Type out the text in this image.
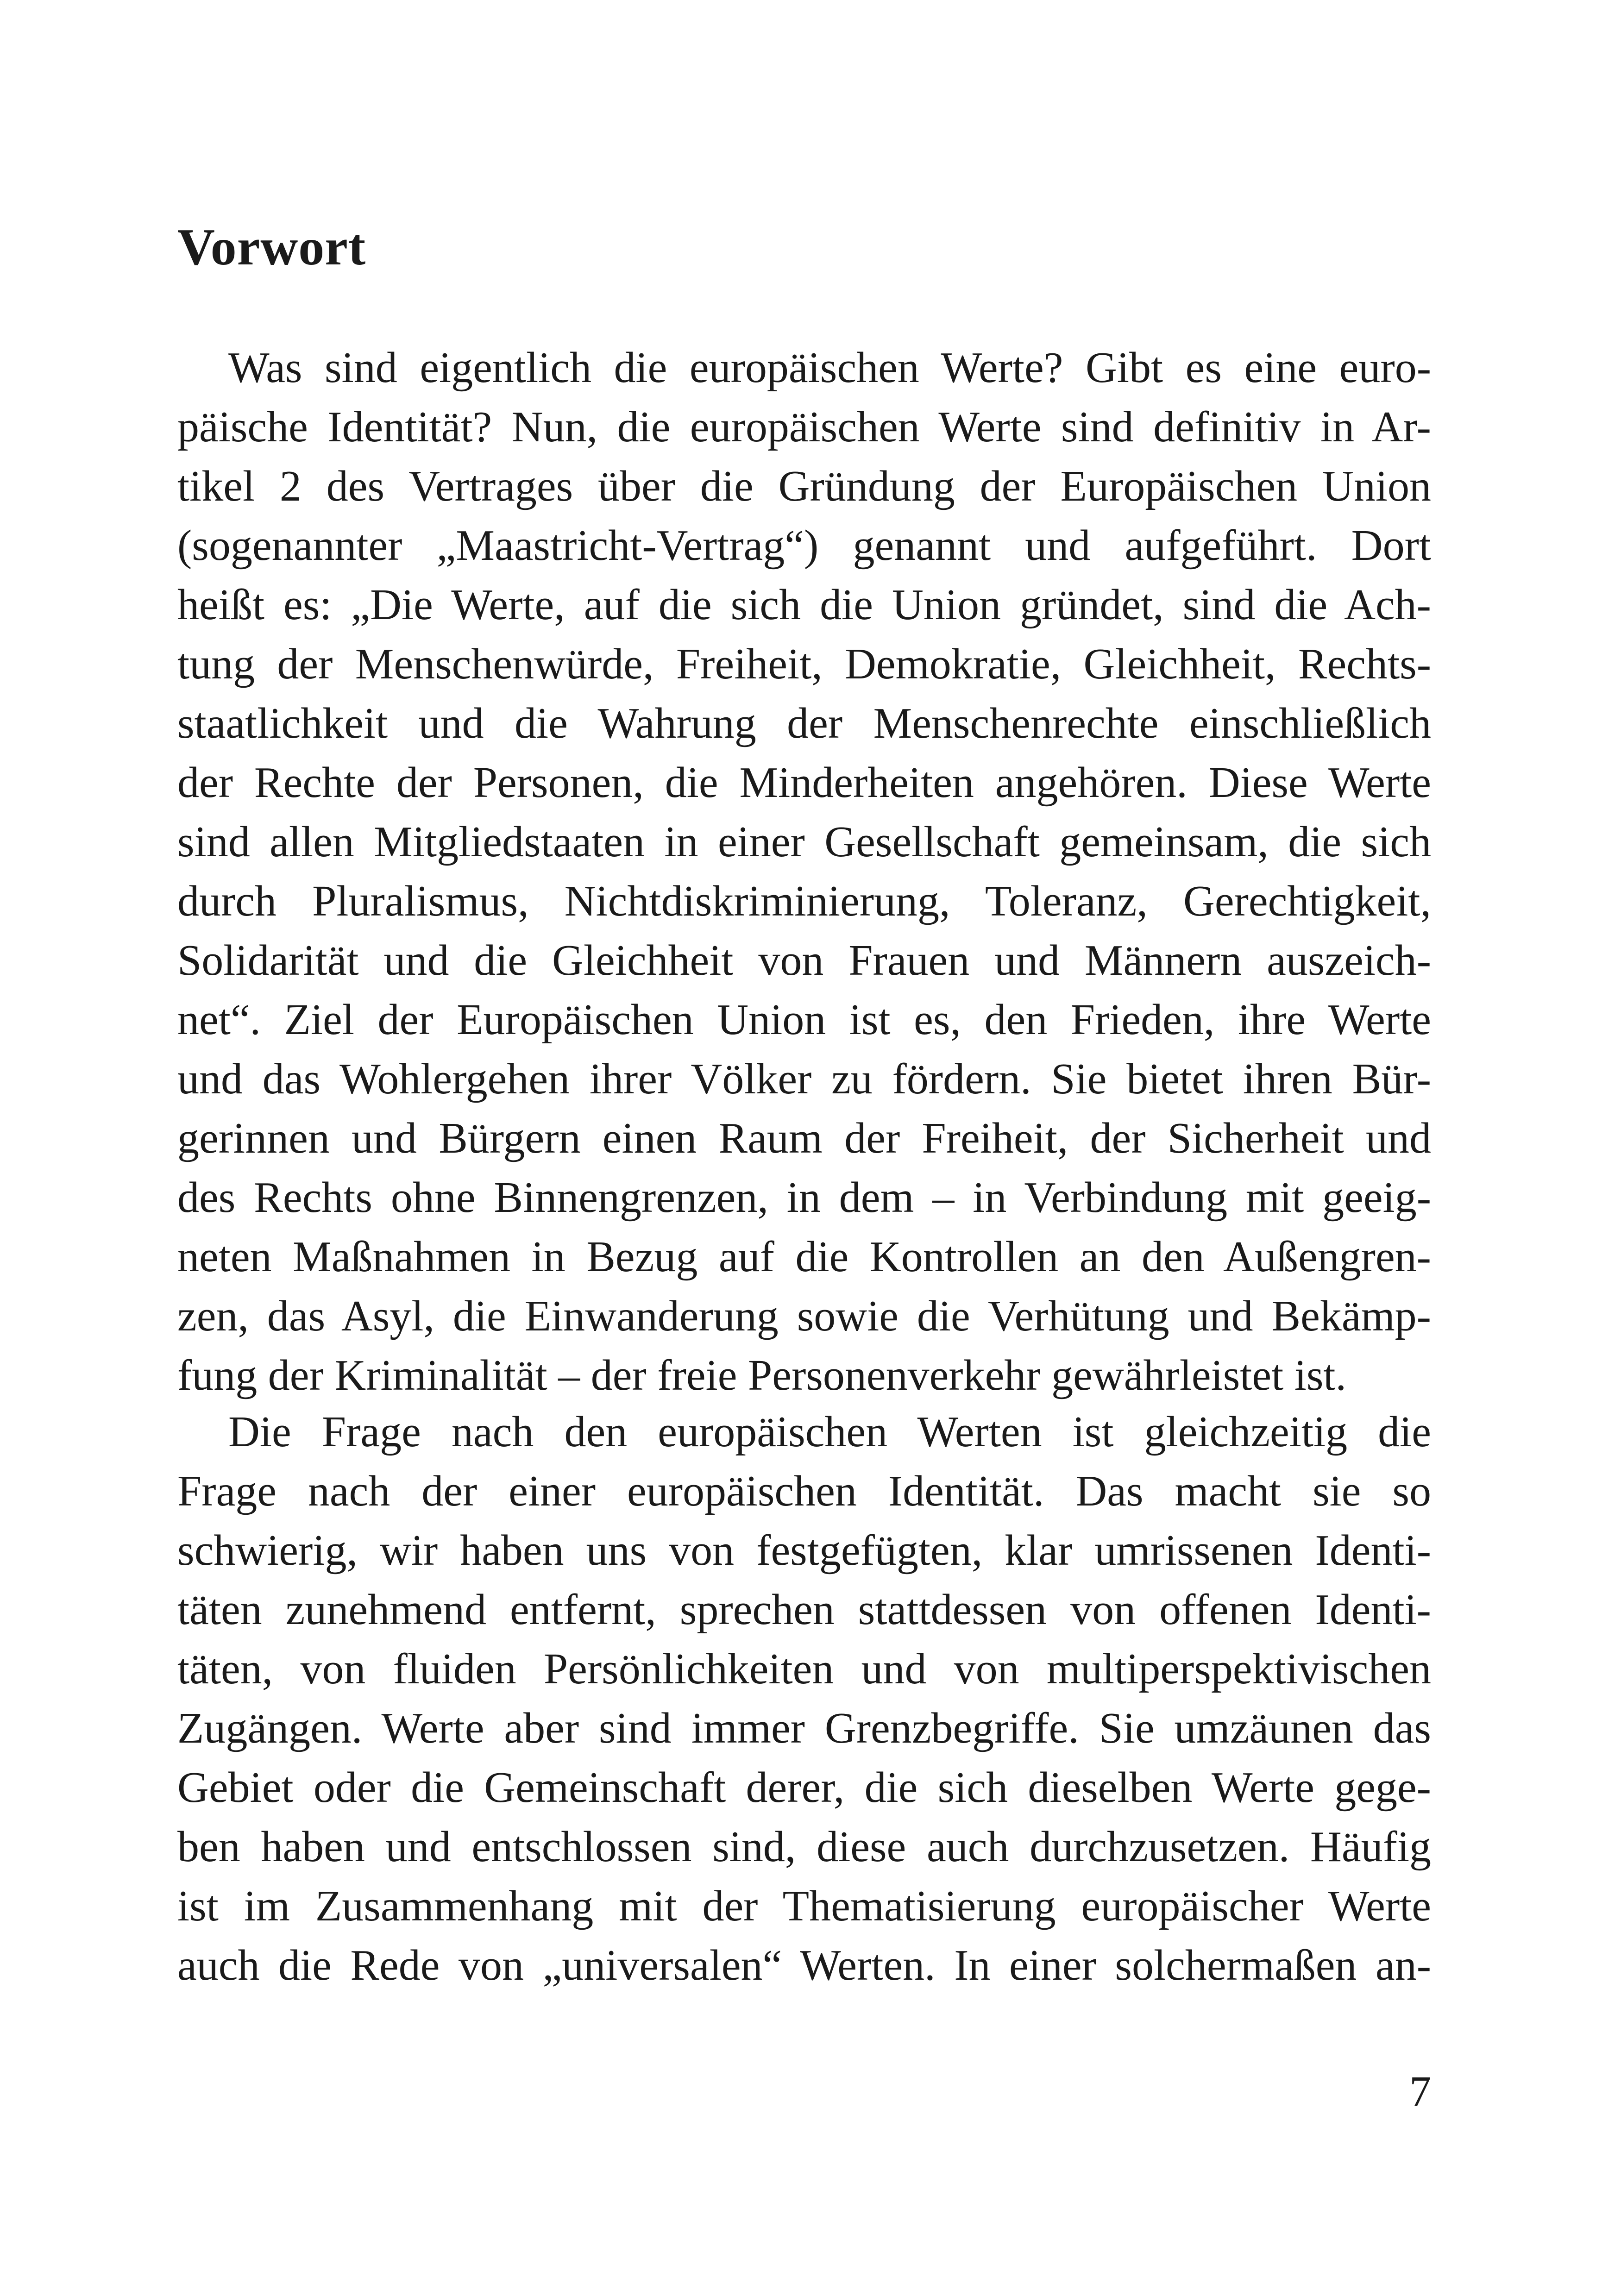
Vorwort
Was sind eigentlich die europäischen Werte? Gibt es eine euro-
päische Identität? Nun, die europäischen Werte sind definitiv in Ar-
tikel 2 des Vertrages über die Gründung der Europäischen Union
(sogenannter „Maastricht-Vertrag“) genannt und aufgeführt. Dort
heißt es: „Die Werte, auf die sich die Union gründet, sind die Ach-
tung der Menschenwürde, Freiheit, Demokratie, Gleichheit, Rechts-
staatlichkeit und die Wahrung der Menschenrechte einschließlich
der Rechte der Personen, die Minderheiten angehören. Diese Werte
sind allen Mitgliedstaaten in einer Gesellschaft gemeinsam, die sich
durch Pluralismus, Nichtdiskriminierung, Toleranz, Gerechtigkeit,
Solidarität und die Gleichheit von Frauen und Männern auszeich-
net“. Ziel der Europäischen Union ist es, den Frieden, ihre Werte
und das Wohlergehen ihrer Völker zu fördern. Sie bietet ihren Bür-
gerinnen und Bürgern einen Raum der Freiheit, der Sicherheit und
des Rechts ohne Binnengrenzen, in dem – in Verbindung mit geeig-
neten Maßnahmen in Bezug auf die Kontrollen an den Außengren-
zen, das Asyl, die Einwanderung sowie die Verhütung und Bekämp-
fung der Kriminalität – der freie Personenverkehr gewährleistet ist.
Die Frage nach den europäischen Werten ist gleichzeitig die
Frage nach der einer europäischen Identität. Das macht sie so
schwierig, wir haben uns von festgefügten, klar umrissenen Identi-
täten zunehmend entfernt, sprechen stattdessen von offenen Identi-
täten, von fluiden Persönlichkeiten und von multiperspektivischen
Zugängen. Werte aber sind immer Grenzbegriffe. Sie umzäunen das
Gebiet oder die Gemeinschaft derer, die sich dieselben Werte gege-
ben haben und entschlossen sind, diese auch durchzusetzen. Häufig
ist im Zusammenhang mit der Thematisierung europäischer Werte
auch die Rede von „universalen“ Werten. In einer solchermaßen an-
7
